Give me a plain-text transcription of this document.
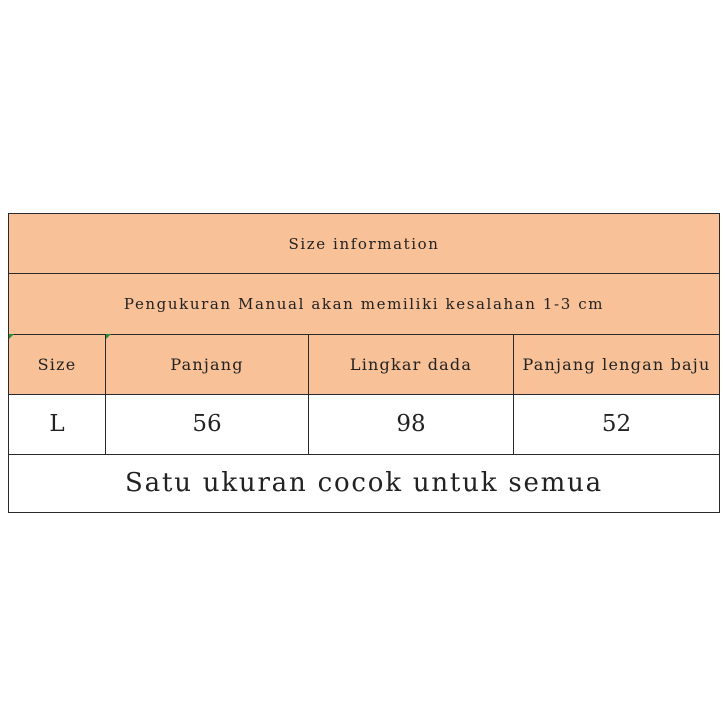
Size information			
Pengukuran Manual akan memiliki kesalahan 1-3 cm			
Size	Panjang	Lingkar dada	Panjang lengan baju
L	56	98	52
Satu ukuran cocok untuk semua			
